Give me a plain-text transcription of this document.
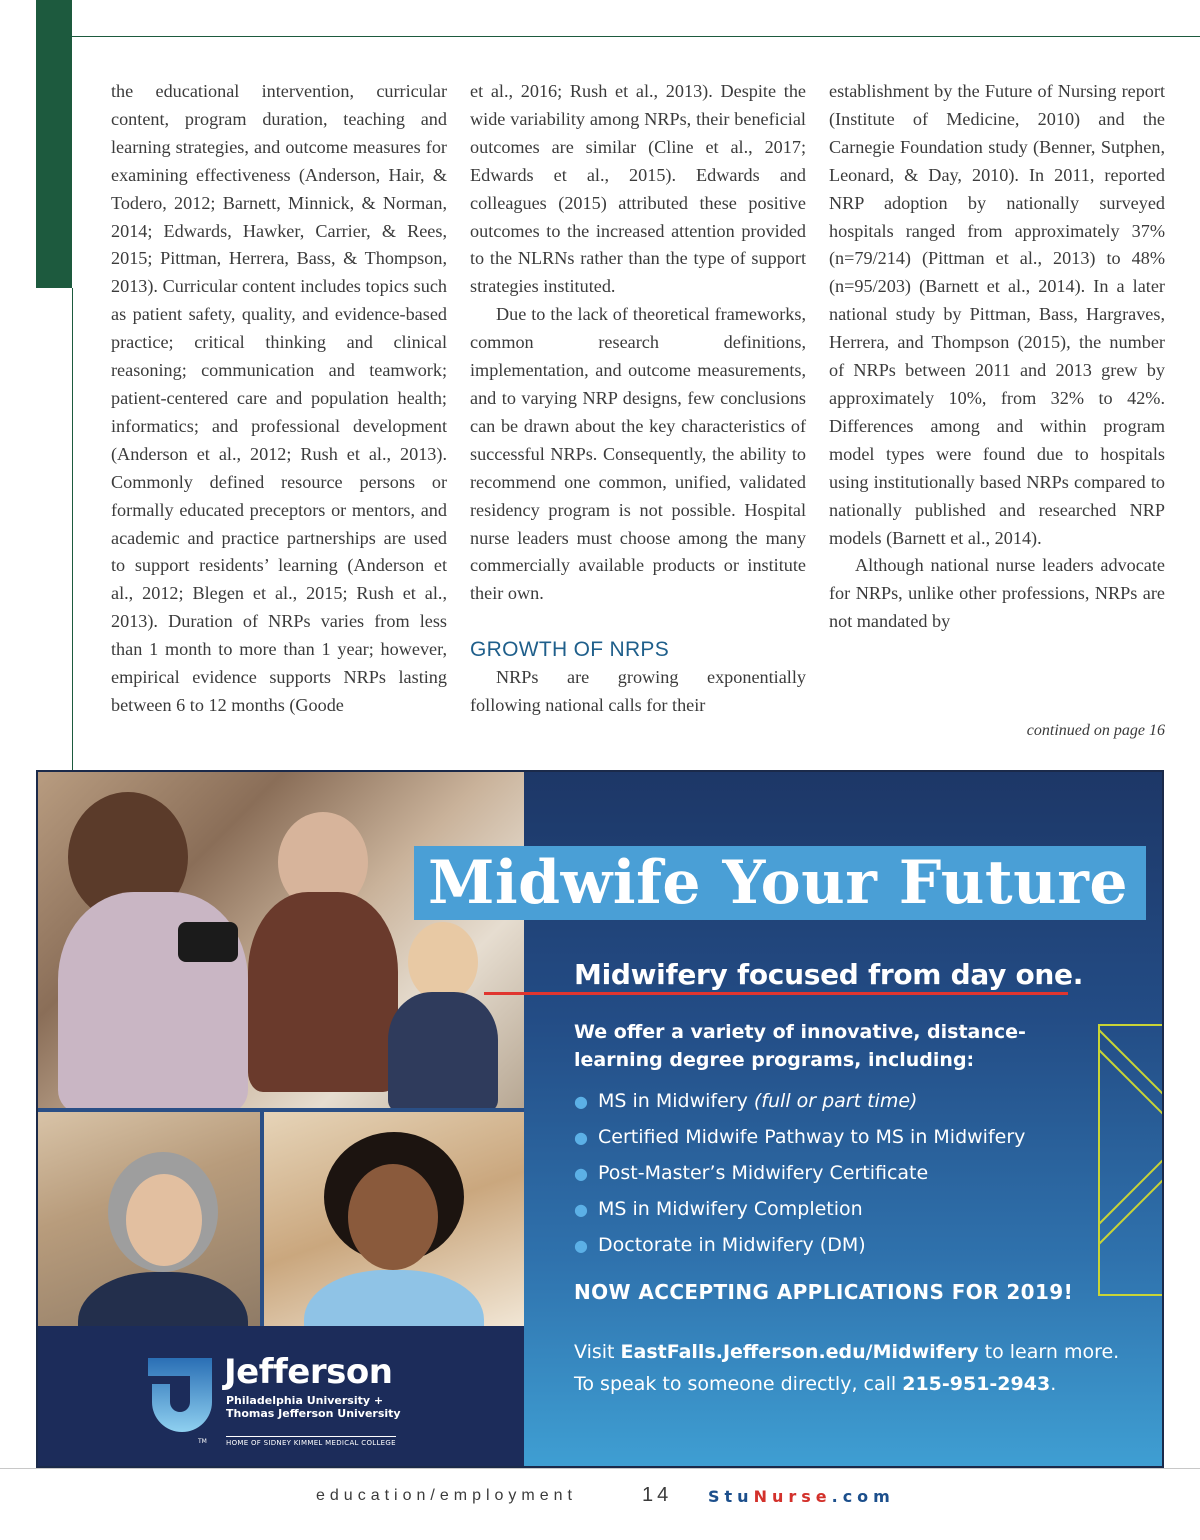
the educational intervention, curricular content, program duration, teaching and learning strategies, and outcome measures for examining effectiveness (Anderson, Hair, & Todero, 2012; Barnett, Minnick, & Norman, 2014; Edwards, Hawker, Carrier, & Rees, 2015; Pittman, Herrera, Bass, & Thompson, 2013). Curricular content includes topics such as patient safety, quality, and evidence-based practice; critical thinking and clinical reasoning; communication and teamwork; patient-centered care and population health; informatics; and professional development (Anderson et al., 2012; Rush et al., 2013). Commonly defined resource persons or formally educated preceptors or mentors, and academic and practice partnerships are used to support residents’ learning (Anderson et al., 2012; Blegen et al., 2015; Rush et al., 2013). Duration of NRPs varies from less than 1 month to more than 1 year; however, empirical evidence supports NRPs lasting between 6 to 12 months (Goode

et al., 2016; Rush et al., 2013). Despite the wide variability among NRPs, their beneficial outcomes are similar (Cline et al., 2017; Edwards et al., 2015). Edwards and colleagues (2015) attributed these positive outcomes to the increased attention provided to the NLRNs rather than the type of support strategies instituted.

Due to the lack of theoretical frameworks, common research definitions, implementation, and outcome measurements, and to varying NRP designs, few conclusions can be drawn about the key characteristics of successful NRPs. Consequently, the ability to recommend one common, unified, validated residency program is not possible. Hospital nurse leaders must choose among the many commercially available products or institute their own.

GROWTH OF NRPS

NRPs are growing exponentially following national calls for their

establishment by the Future of Nursing report (Institute of Medicine, 2010) and the Carnegie Foundation study (Benner, Sutphen, Leonard, & Day, 2010). In 2011, reported NRP adoption by nationally surveyed hospitals ranged from approximately 37% (n=79/214) (Pittman et al., 2013) to 48% (n=95/203) (Barnett et al., 2014). In a later national study by Pittman, Bass, Hargraves, Herrera, and Thompson (2015), the number of NRPs between 2011 and 2013 grew by approximately 10%, from 32% to 42%. Differences among and within program model types were found due to hospitals using institutionally based NRPs compared to nationally published and researched NRP models (Barnett et al., 2014).

Although national nurse leaders advocate for NRPs, unlike other professions, NRPs are not mandated by

continued on page 16
TM
Jefferson
Philadelphia University +
Thomas Jefferson University
HOME OF SIDNEY KIMMEL MEDICAL COLLEGE
Midwife Your Future
Midwifery focused from day one.
We offer a variety of innovative, distance-learning degree programs, including:
● MS in Midwifery (full or part time)
● Certified Midwife Pathway to MS in Midwifery
● Post-Master’s Midwifery Certificate
● MS in Midwifery Completion
● Doctorate in Midwifery (DM)
NOW ACCEPTING APPLICATIONS FOR 2019!
Visit EastFalls.Jefferson.edu/Midwifery to learn more.
To speak to someone directly, call 215-951-2943.
education/employment	14 StuNurse.com
